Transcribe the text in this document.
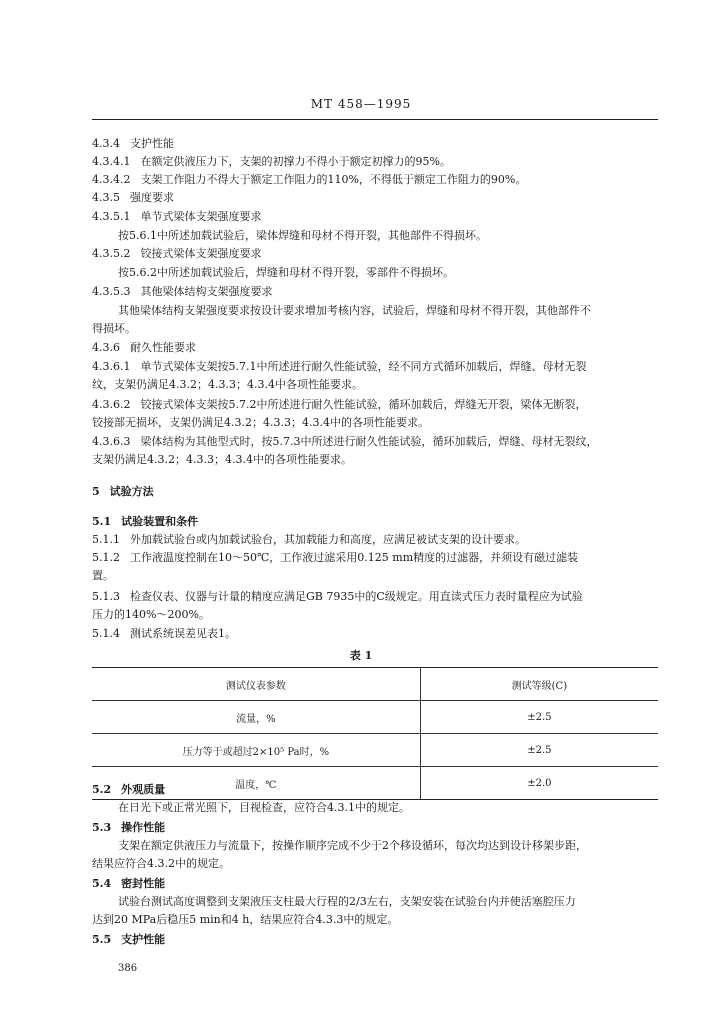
MT 458—1995
4.3.4 支护性能
4.3.4.1 在额定供液压力下，支架的初撑力不得小于额定初撑力的95%。
4.3.4.2 支架工作阻力不得大于额定工作阻力的110%，不得低于额定工作阻力的90%。
4.3.5 强度要求
4.3.5.1 单节式梁体支架强度要求
按5.6.1中所述加载试验后，梁体焊缝和母材不得开裂，其他部件不得损坏。
4.3.5.2 铰接式梁体支架强度要求
按5.6.2中所述加载试验后，焊缝和母材不得开裂，零部件不得损坏。
4.3.5.3 其他梁体结构支架强度要求
其他梁体结构支架强度要求按设计要求增加考核内容，试验后，焊缝和母材不得开裂，其他部件不
得损坏。
4.3.6 耐久性能要求
4.3.6.1 单节式梁体支架按5.7.1中所述进行耐久性能试验，经不同方式循环加载后，焊缝、母材无裂
纹，支架仍满足4.3.2；4.3.3；4.3.4中各项性能要求。
4.3.6.2 铰接式梁体支架按5.7.2中所述进行耐久性能试验，循环加载后，焊缝无开裂，梁体无断裂，
铰接部无损坏，支架仍满足4.3.2；4.3.3；4.3.4中的各项性能要求。
4.3.6.3 梁体结构为其他型式时，按5.7.3中所述进行耐久性能试验，循环加载后，焊缝、母材无裂纹，
支架仍满足4.3.2；4.3.3；4.3.4中的各项性能要求。
5 试验方法
5.1 试验装置和条件
5.1.1 外加载试验台或内加载试验台，其加载能力和高度，应满足被试支架的设计要求。
5.1.2 工作液温度控制在10～50℃，工作液过滤采用0.125 mm精度的过滤器，并须设有磁过滤装
置。
5.1.3 检查仪表、仪器与计量的精度应满足GB 7935中的C级规定。用直读式压力表时量程应为试验
压力的140%～200%。
5.1.4 测试系统误差见表1。
表 1
测试仪表参数	测试等级(C)
流量，%	±2.5
压力等于或超过2×10⁵ Pa时，%	±2.5
温度，℃	±2.0
5.2 外观质量
在日光下或正常光照下，目视检查，应符合4.3.1中的规定。
5.3 操作性能
支架在额定供液压力与流量下，按操作顺序完成不少于2个移设循环，每次均达到设计移架步距，
结果应符合4.3.2中的规定。
5.4 密封性能
试验台测试高度调整到支架液压支柱最大行程的2/3左右，支架安装在试验台内并使活塞腔压力
达到20 MPa后稳压5 min和4 h，结果应符合4.3.3中的规定。
5.5 支护性能
386
